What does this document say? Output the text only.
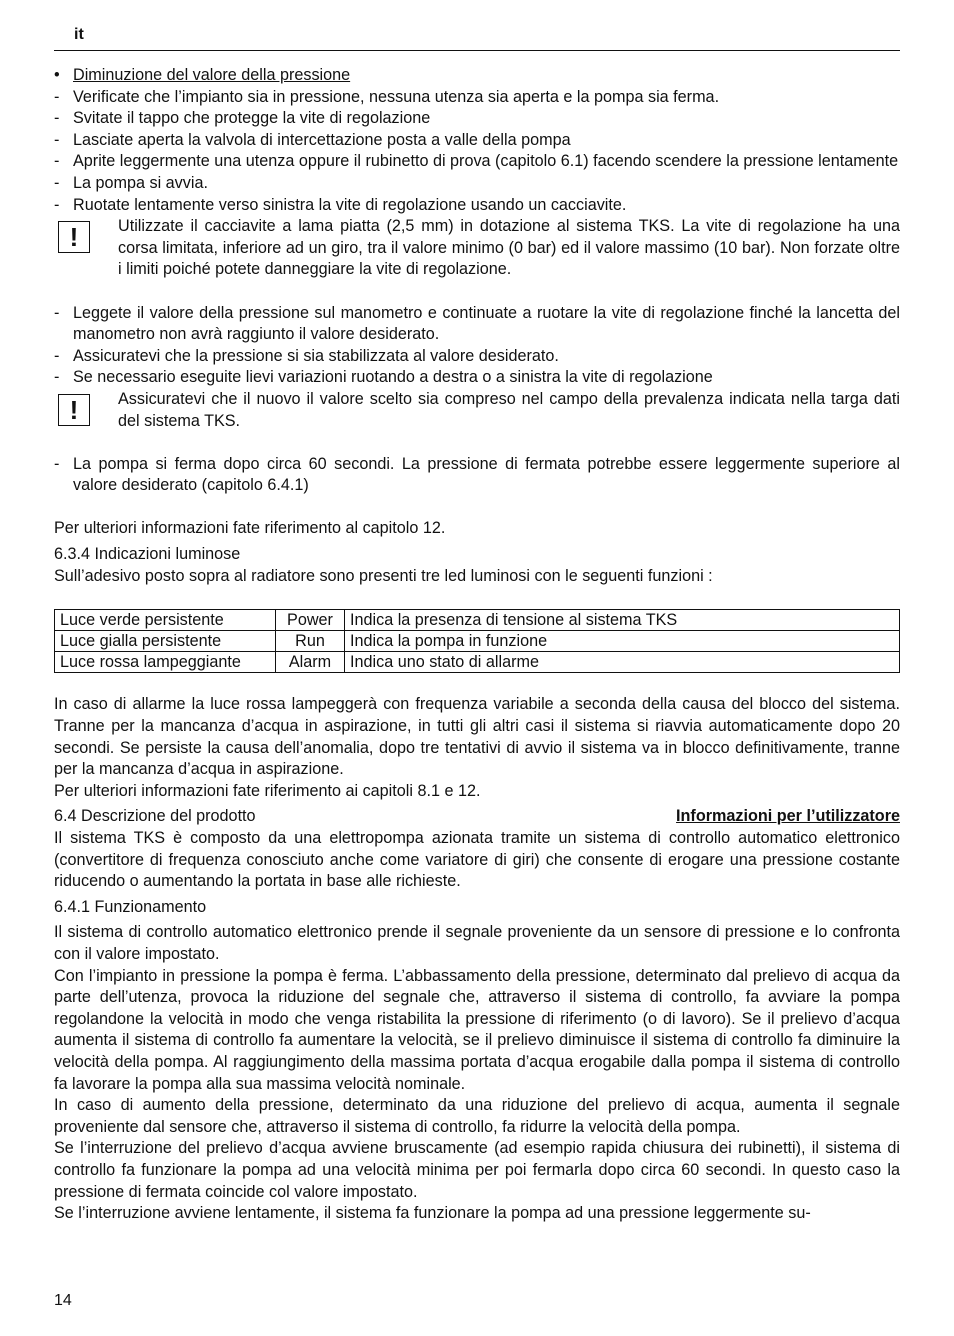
it
• Diminuzione del valore della pressione
- Verificate che l’impianto sia in pressione, nessuna utenza sia aperta e la pompa sia ferma.
- Svitate il tappo che protegge la vite di regolazione
- Lasciate aperta la valvola di intercettazione posta a valle della pompa
- Aprite leggermente una utenza oppure il rubinetto di prova (capitolo 6.1) facendo scendere la pressione lentamente
- La pompa si avvia.
- Ruotate lentamente verso sinistra la vite di regolazione usando un cacciavite.
!	Utilizzate il cacciavite a lama piatta (2,5 mm) in dotazione al sistema TKS. La vite di regolazione ha una corsa limitata, inferiore ad un giro, tra il valore minimo (0 bar) ed il valore massimo (10 bar). Non forzate oltre i limiti poiché potete danneggiare la vite di regolazione.
- Leggete il valore della pressione sul manometro e continuate a ruotare la vite di regolazione finché la lancetta del manometro non avrà raggiunto il valore desiderato.
- Assicuratevi che la pressione si sia stabilizzata al valore desiderato.
- Se necessario eseguite lievi variazioni ruotando a destra o a sinistra la vite di regolazione
!	Assicuratevi che il nuovo il valore scelto sia compreso nel campo della prevalenza indicata nella targa dati del sistema TKS.
- La pompa si ferma dopo circa 60 secondi. La pressione di fermata potrebbe essere leggermente superiore al valore desiderato (capitolo 6.4.1)

Per ulteriori informazioni fate riferimento al capitolo 12.

6.3.4 Indicazioni luminose

Sull’adesivo posto sopra al radiatore sono presenti tre led luminosi con le seguenti funzioni :

Luce verde persistente	Power	Indica la presenza di tensione al sistema TKS
Luce gialla persistente	Run	Indica la pompa in funzione
Luce rossa lampeggiante	Alarm	Indica uno stato di allarme

In caso di allarme la luce rossa lampeggerà con frequenza variabile a seconda della causa del blocco del sistema. Tranne per la mancanza d’acqua in aspirazione, in tutti gli altri casi il sistema si riavvia automaticamente dopo 20 secondi. Se persiste la causa dell’anomalia, dopo tre tentativi di avvio il sistema va in blocco definitivamente, tranne per la mancanza d’acqua in aspirazione.

Per ulteriori informazioni fate riferimento ai capitoli 8.1 e 12.

6.4 Descrizione del prodotto	Informazioni per l’utilizzatore

Il sistema TKS è composto da una elettropompa azionata tramite un sistema di controllo automatico elettronico (convertitore di frequenza conosciuto anche come variatore di giri) che consente di erogare una pressione costante riducendo o aumentando la portata in base alle richieste.

6.4.1 Funzionamento

Il sistema di controllo automatico elettronico prende il segnale proveniente da un sensore di pressione e lo confronta con il valore impostato.

Con l’impianto in pressione la pompa è ferma. L’abbassamento della pressione, determinato dal prelievo di acqua da parte dell’utenza, provoca la riduzione del segnale che, attraverso il sistema di controllo, fa avviare la pompa regolandone la velocità in modo che venga ristabilita la pressione di riferimento (o di lavoro). Se il prelievo d’acqua aumenta il sistema di controllo fa aumentare la velocità, se il prelievo diminuisce il sistema di controllo fa diminuire la velocità della pompa. Al raggiungimento della massima portata d’acqua erogabile dalla pompa il sistema di controllo fa lavorare la pompa alla sua massima velocità nominale.

In caso di aumento della pressione, determinato da una riduzione del prelievo di acqua, aumenta il segnale proveniente dal sensore che, attraverso il sistema di controllo, fa ridurre la velocità della pompa.

Se l’interruzione del prelievo d’acqua avviene bruscamente (ad esempio rapida chiusura dei rubinetti), il sistema di controllo fa funzionare la pompa ad una velocità minima per poi fermarla dopo circa 60 secondi. In questo caso la pressione di fermata coincide col valore impostato.

Se l’interruzione avviene lentamente, il sistema fa funzionare la pompa ad una pressione leggermente su-

14
